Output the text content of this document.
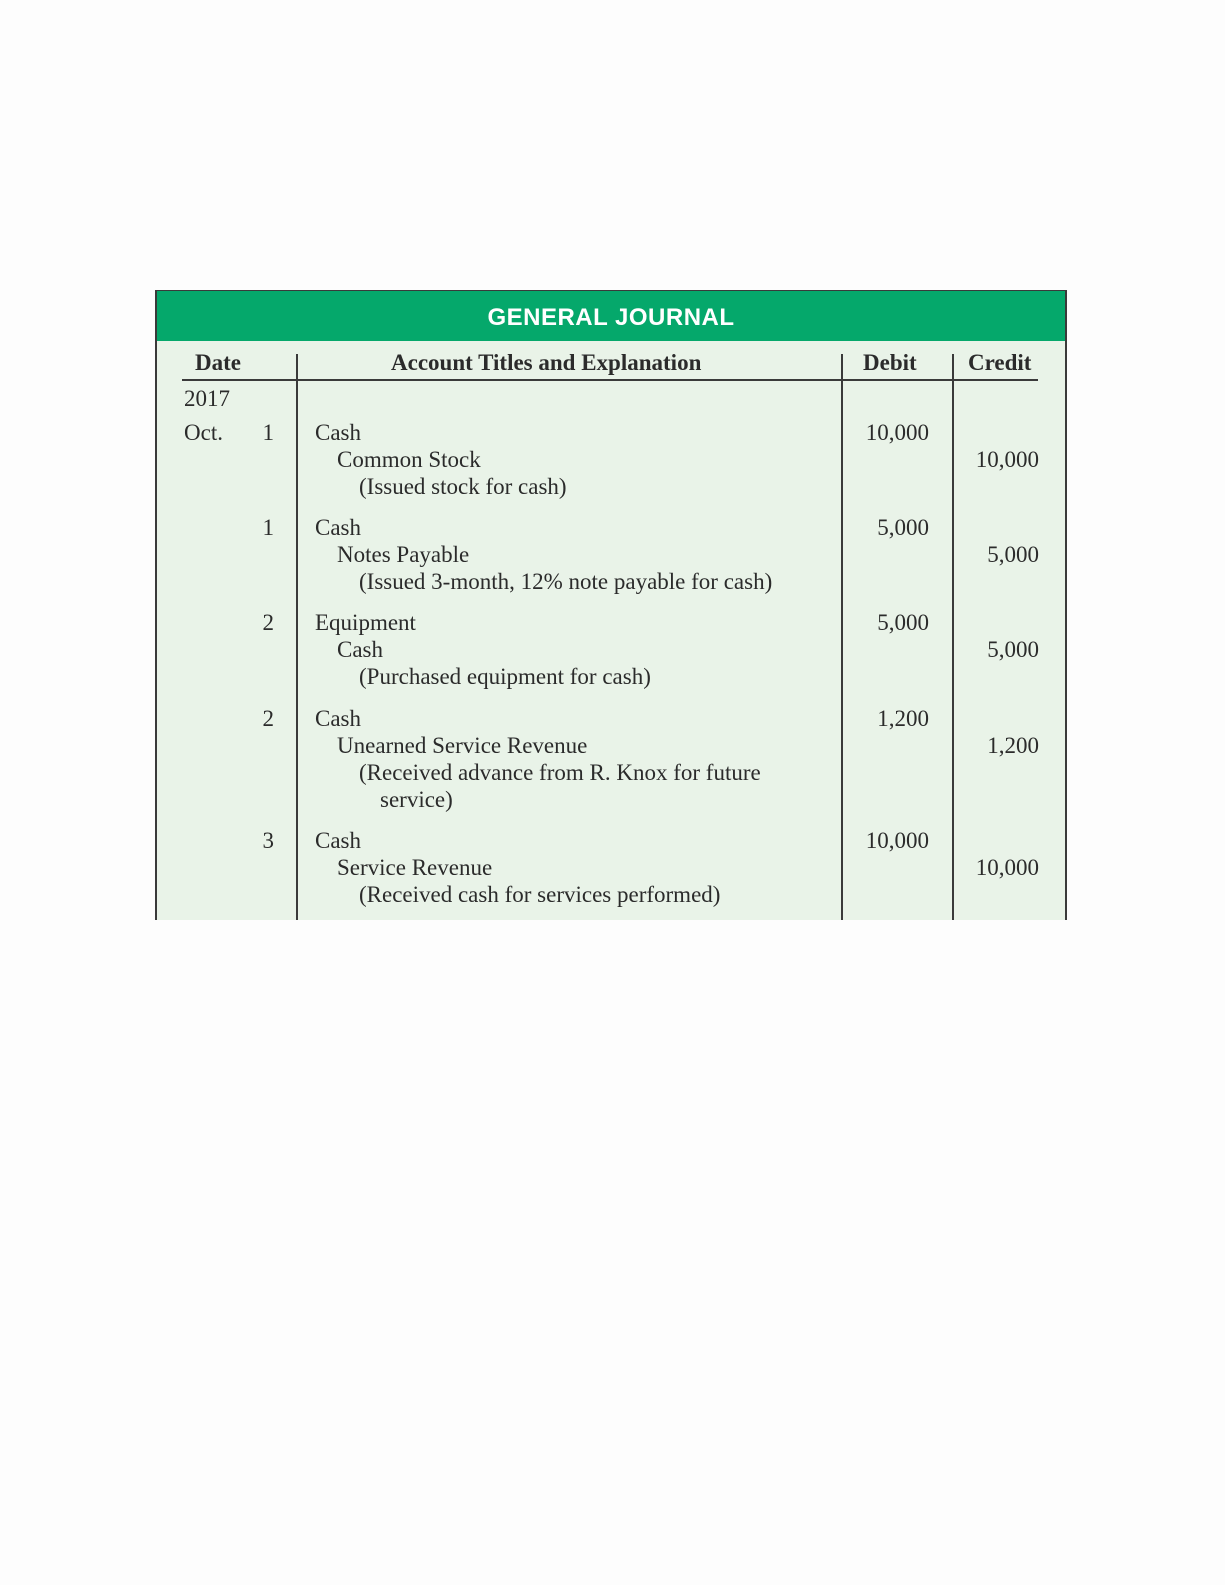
GENERAL JOURNAL
Date	Account Titles and Explanation	Debit Credit
2017
Oct. 1 Cash
Common Stock
(Issued stock for cash)
10,000
10,000
1 Cash
Notes Payable
(Issued 3-month, 12% note payable for cash)
5,000
5,000
2 Equipment
Cash
(Purchased equipment for cash)
5,000
5,000
2 Cash
Unearned Service Revenue
(Received advance from R. Knox for future
service)
1,200
1,200
3 Cash
Service Revenue
(Received cash for services performed)
10,000
10,000
